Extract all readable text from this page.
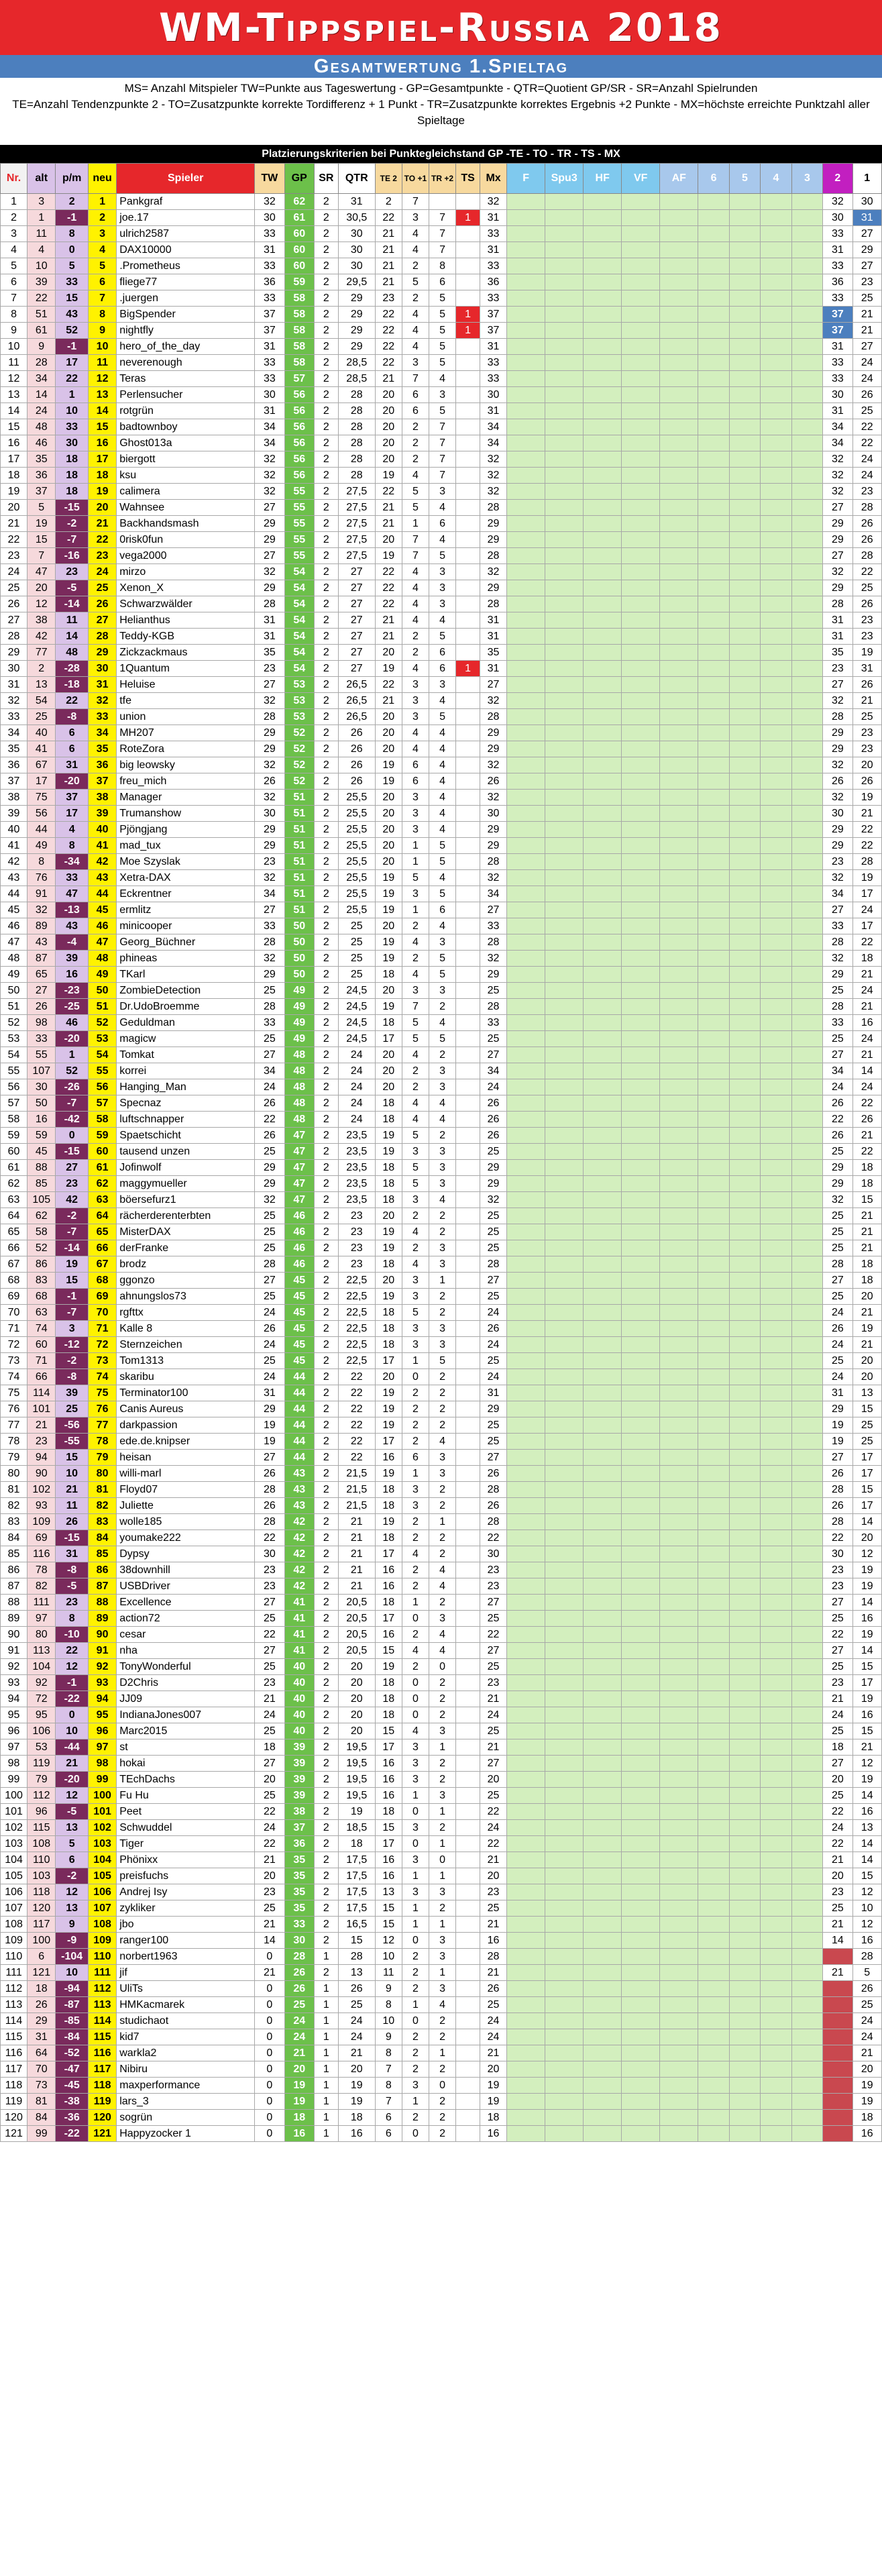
WM-Tippspiel-Russia 2018
Gesamtwertung 1.Spieltag
MS= Anzahl Mitspieler TW=Punkte aus Tageswertung - GP=Gesamtpunkte - QTR=Quotient GP/SR - SR=Anzahl Spielrunden
TE=Anzahl Tendenzpunkte 2 - TO=Zusatzpunkte korrekte Tordifferenz + 1 Punkt - TR=Zusatzpunkte korrektes Ergebnis +2 Punkte - MX=höchste erreichte Punktzahl aller Spieltage
Platzierungskriterien bei Punktegleichstand GP -TE - TO - TR - TS - MX
Nr.	alt	p/m	neu	Spieler	TW	GP	SR	QTR	TE 2	TO +1	TR +2	TS	Mx	F	Spu3	HF	VF	AF	6	5	4	3	2	1
1	3	2	1	Pankgraf	32	62	2	31	2	7			32										32	30
2	1	-1	2	joe.17	30	61	2	30,5	22	3	7	1	31										30	31
3	11	8	3	ulrich2587	33	60	2	30	21	4	7		33										33	27
4	4	0	4	DAX10000	31	60	2	30	21	4	7		31										31	29
5	10	5	5	.Prometheus	33	60	2	30	21	2	8		33										33	27
6	39	33	6	fliege77	36	59	2	29,5	21	5	6		36										36	23
7	22	15	7	.juergen	33	58	2	29	23	2	5		33										33	25
8	51	43	8	BigSpender	37	58	2	29	22	4	5	1	37										37	21
9	61	52	9	nightfly	37	58	2	29	22	4	5	1	37										37	21
10	9	-1	10	hero_of_the_day	31	58	2	29	22	4	5		31										31	27
11	28	17	11	neverenough	33	58	2	28,5	22	3	5		33										33	24
12	34	22	12	Teras	33	57	2	28,5	21	7	4		33										33	24
13	14	1	13	Perlensucher	30	56	2	28	20	6	3		30										30	26
14	24	10	14	rotgrün	31	56	2	28	20	6	5		31										31	25
15	48	33	15	badtownboy	34	56	2	28	20	2	7		34										34	22
16	46	30	16	Ghost013a	34	56	2	28	20	2	7		34										34	22
17	35	18	17	biergott	32	56	2	28	20	2	7		32										32	24
18	36	18	18	ksu	32	56	2	28	19	4	7		32										32	24
19	37	18	19	calimera	32	55	2	27,5	22	5	3		32										32	23
20	5	-15	20	Wahnsee	27	55	2	27,5	21	5	4		28										27	28
21	19	-2	21	Backhandsmash	29	55	2	27,5	21	1	6		29										29	26
22	15	-7	22	0risk0fun	29	55	2	27,5	20	7	4		29										29	26
23	7	-16	23	vega2000	27	55	2	27,5	19	7	5		28										27	28
24	47	23	24	mirzo	32	54	2	27	22	4	3		32										32	22
25	20	-5	25	Xenon_X	29	54	2	27	22	4	3		29										29	25
26	12	-14	26	Schwarzwälder	28	54	2	27	22	4	3		28										28	26
27	38	11	27	Helianthus	31	54	2	27	21	4	4		31										31	23
28	42	14	28	Teddy-KGB	31	54	2	27	21	2	5		31										31	23
29	77	48	29	Zickzackmaus	35	54	2	27	20	2	6		35										35	19
30	2	-28	30	1Quantum	23	54	2	27	19	4	6	1	31										23	31
31	13	-18	31	Heluise	27	53	2	26,5	22	3	3		27										27	26
32	54	22	32	tfe	32	53	2	26,5	21	3	4		32										32	21
33	25	-8	33	union	28	53	2	26,5	20	3	5		28										28	25
34	40	6	34	MH207	29	52	2	26	20	4	4		29										29	23
35	41	6	35	RoteZora	29	52	2	26	20	4	4		29										29	23
36	67	31	36	big leowsky	32	52	2	26	19	6	4		32										32	20
37	17	-20	37	freu_mich	26	52	2	26	19	6	4		26										26	26
38	75	37	38	Manager	32	51	2	25,5	20	3	4		32										32	19
39	56	17	39	Trumanshow	30	51	2	25,5	20	3	4		30										30	21
40	44	4	40	Pjöngjang	29	51	2	25,5	20	3	4		29										29	22
41	49	8	41	mad_tux	29	51	2	25,5	20	1	5		29										29	22
42	8	-34	42	Moe Szyslak	23	51	2	25,5	20	1	5		28										23	28
43	76	33	43	Xetra-DAX	32	51	2	25,5	19	5	4		32										32	19
44	91	47	44	Eckrentner	34	51	2	25,5	19	3	5		34										34	17
45	32	-13	45	ermlitz	27	51	2	25,5	19	1	6		27										27	24
46	89	43	46	minicooper	33	50	2	25	20	2	4		33										33	17
47	43	-4	47	Georg_Büchner	28	50	2	25	19	4	3		28										28	22
48	87	39	48	phineas	32	50	2	25	19	2	5		32										32	18
49	65	16	49	TKarl	29	50	2	25	18	4	5		29										29	21
50	27	-23	50	ZombieDetection	25	49	2	24,5	20	3	3		25										25	24
51	26	-25	51	Dr.UdoBroemme	28	49	2	24,5	19	7	2		28										28	21
52	98	46	52	Geduldman	33	49	2	24,5	18	5	4		33										33	16
53	33	-20	53	magicw	25	49	2	24,5	17	5	5		25										25	24
54	55	1	54	Tomkat	27	48	2	24	20	4	2		27										27	21
55	107	52	55	korrei	34	48	2	24	20	2	3		34										34	14
56	30	-26	56	Hanging_Man	24	48	2	24	20	2	3		24										24	24
57	50	-7	57	Specnaz	26	48	2	24	18	4	4		26										26	22
58	16	-42	58	luftschnapper	22	48	2	24	18	4	4		26										22	26
59	59	0	59	Spaetschicht	26	47	2	23,5	19	5	2		26										26	21
60	45	-15	60	tausend unzen	25	47	2	23,5	19	3	3		25										25	22
61	88	27	61	Jofinwolf	29	47	2	23,5	18	5	3		29										29	18
62	85	23	62	maggymueller	29	47	2	23,5	18	5	3		29										29	18
63	105	42	63	böersefurz1	32	47	2	23,5	18	3	4		32										32	15
64	62	-2	64	rächerderenterbten	25	46	2	23	20	2	2		25										25	21
65	58	-7	65	MisterDAX	25	46	2	23	19	4	2		25										25	21
66	52	-14	66	derFranke	25	46	2	23	19	2	3		25										25	21
67	86	19	67	brodz	28	46	2	23	18	4	3		28										28	18
68	83	15	68	ggonzo	27	45	2	22,5	20	3	1		27										27	18
69	68	-1	69	ahnungslos73	25	45	2	22,5	19	3	2		25										25	20
70	63	-7	70	rgfttx	24	45	2	22,5	18	5	2		24										24	21
71	74	3	71	Kalle 8	26	45	2	22,5	18	3	3		26										26	19
72	60	-12	72	Sternzeichen	24	45	2	22,5	18	3	3		24										24	21
73	71	-2	73	Tom1313	25	45	2	22,5	17	1	5		25										25	20
74	66	-8	74	skaribu	24	44	2	22	20	0	2		24										24	20
75	114	39	75	Terminator100	31	44	2	22	19	2	2		31										31	13
76	101	25	76	Canis Aureus	29	44	2	22	19	2	2		29										29	15
77	21	-56	77	darkpassion	19	44	2	22	19	2	2		25										19	25
78	23	-55	78	ede.de.knipser	19	44	2	22	17	2	4		25										19	25
79	94	15	79	heisan	27	44	2	22	16	6	3		27										27	17
80	90	10	80	willi-marl	26	43	2	21,5	19	1	3		26										26	17
81	102	21	81	Floyd07	28	43	2	21,5	18	3	2		28										28	15
82	93	11	82	Juliette	26	43	2	21,5	18	3	2		26										26	17
83	109	26	83	wolle185	28	42	2	21	19	2	1		28										28	14
84	69	-15	84	youmake222	22	42	2	21	18	2	2		22										22	20
85	116	31	85	Dypsy	30	42	2	21	17	4	2		30										30	12
86	78	-8	86	38downhill	23	42	2	21	16	2	4		23										23	19
87	82	-5	87	USBDriver	23	42	2	21	16	2	4		23										23	19
88	111	23	88	Excellence	27	41	2	20,5	18	1	2		27										27	14
89	97	8	89	action72	25	41	2	20,5	17	0	3		25										25	16
90	80	-10	90	cesar	22	41	2	20,5	16	2	4		22										22	19
91	113	22	91	nha	27	41	2	20,5	15	4	4		27										27	14
92	104	12	92	TonyWonderful	25	40	2	20	19	2	0		25										25	15
93	92	-1	93	D2Chris	23	40	2	20	18	0	2		23										23	17
94	72	-22	94	JJ09	21	40	2	20	18	0	2		21										21	19
95	95	0	95	IndianaJones007	24	40	2	20	18	0	2		24										24	16
96	106	10	96	Marc2015	25	40	2	20	15	4	3		25										25	15
97	53	-44	97	st	18	39	2	19,5	17	3	1		21										18	21
98	119	21	98	hokai	27	39	2	19,5	16	3	2		27										27	12
99	79	-20	99	TEchDachs	20	39	2	19,5	16	3	2		20										20	19
100	112	12	100	Fu Hu	25	39	2	19,5	16	1	3		25										25	14
101	96	-5	101	Peet	22	38	2	19	18	0	1		22										22	16
102	115	13	102	Schwuddel	24	37	2	18,5	15	3	2		24										24	13
103	108	5	103	Tiger	22	36	2	18	17	0	1		22										22	14
104	110	6	104	Phönixx	21	35	2	17,5	16	3	0		21										21	14
105	103	-2	105	preisfuchs	20	35	2	17,5	16	1	1		20										20	15
106	118	12	106	Andrej Isy	23	35	2	17,5	13	3	3		23										23	12
107	120	13	107	zykliker	25	35	2	17,5	15	1	2		25										25	10
108	117	9	108	jbo	21	33	2	16,5	15	1	1		21										21	12
109	100	-9	109	ranger100	14	30	2	15	12	0	3		16										14	16
110	6	-104	110	norbert1963	0	28	1	28	10	2	3		28											28
111	121	10	111	jif	21	26	2	13	11	2	1		21										21	5
112	18	-94	112	UliTs	0	26	1	26	9	2	3		26											26
113	26	-87	113	HMKacmarek	0	25	1	25	8	1	4		25											25
114	29	-85	114	studichaot	0	24	1	24	10	0	2		24											24
115	31	-84	115	kid7	0	24	1	24	9	2	2		24											24
116	64	-52	116	warkla2	0	21	1	21	8	2	1		21											21
117	70	-47	117	Nibiru	0	20	1	20	7	2	2		20											20
118	73	-45	118	maxperformance	0	19	1	19	8	3	0		19											19
119	81	-38	119	lars_3	0	19	1	19	7	1	2		19											19
120	84	-36	120	sogrün	0	18	1	18	6	2	2		18											18
121	99	-22	121	Happyzocker 1	0	16	1	16	6	0	2		16											16
